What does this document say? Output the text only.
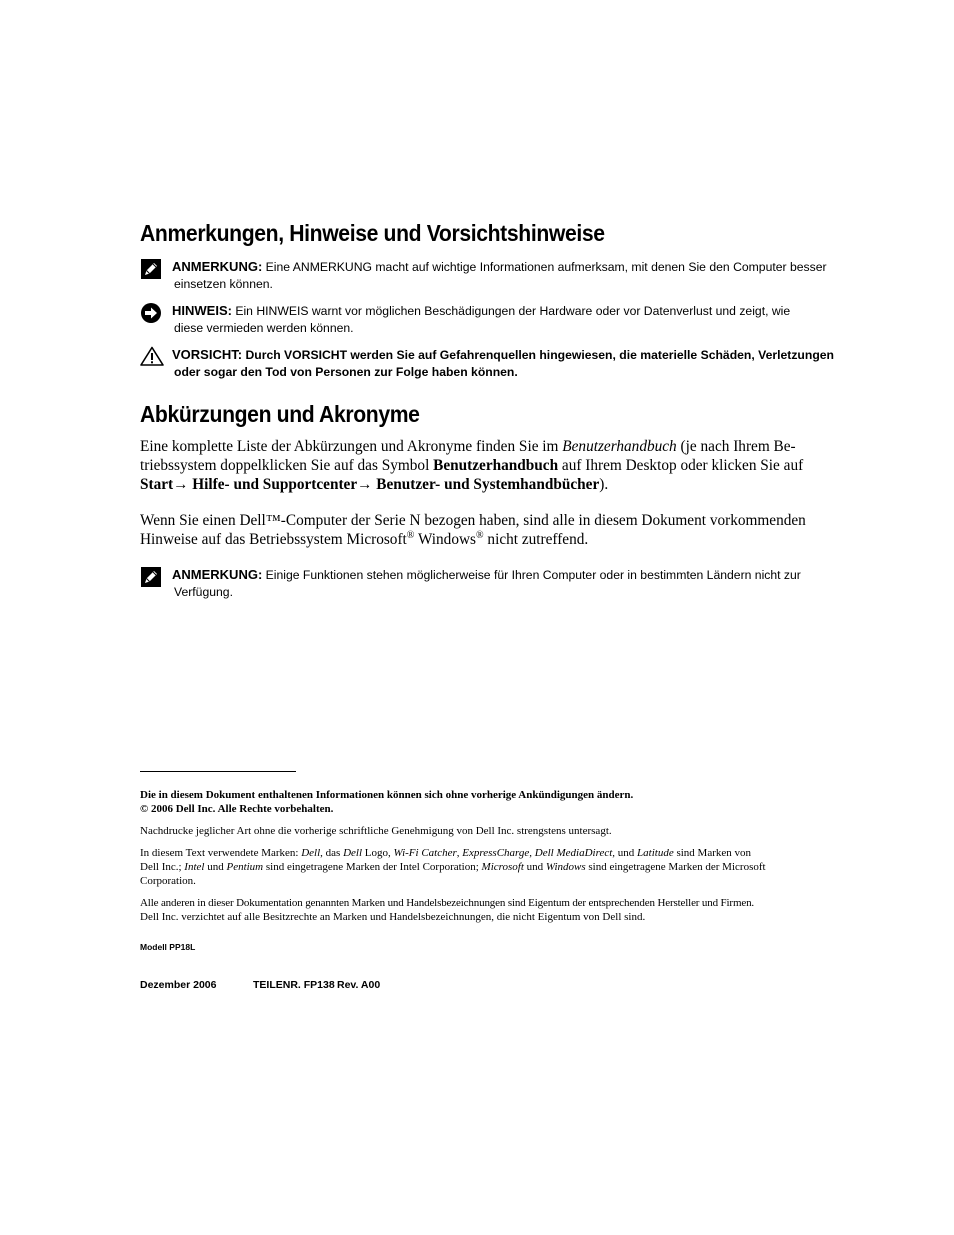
Anmerkungen, Hinweise und Vorsichtshinweise
ANMERKUNG: Eine ANMERKUNG macht auf wichtige Informationen aufmerksam, mit denen Sie den Computer besser
einsetzen können.
HINWEIS: Ein HINWEIS warnt vor möglichen Beschädigungen der Hardware oder vor Datenverlust und zeigt, wie
diese vermieden werden können.
VORSICHT: Durch VORSICHT werden Sie auf Gefahrenquellen hingewiesen, die materielle Schäden, Verletzungen
oder sogar den Tod von Personen zur Folge haben können.
Abkürzungen und Akronyme
Eine komplette Liste der Abkürzungen und Akronyme finden Sie im Benutzerhandbuch (je nach Ihrem Be-
triebssystem doppelklicken Sie auf das Symbol Benutzerhandbuch auf Ihrem Desktop oder klicken Sie auf
Start→ Hilfe- und Supportcenter→ Benutzer- und Systemhandbücher).
Wenn Sie einen Dell™-Computer der Serie N bezogen haben, sind alle in diesem Dokument vorkommenden
Hinweise auf das Betriebssystem Microsoft® Windows® nicht zutreffend.
ANMERKUNG: Einige Funktionen stehen möglicherweise für Ihren Computer oder in bestimmten Ländern nicht zur
Verfügung.
Die in diesem Dokument enthaltenen Informationen können sich ohne vorherige Ankündigungen ändern.
© 2006 Dell Inc. Alle Rechte vorbehalten.
Nachdrucke jeglicher Art ohne die vorherige schriftliche Genehmigung von Dell Inc. strengstens untersagt.
In diesem Text verwendete Marken: Dell, das Dell Logo, Wi-Fi Catcher, ExpressCharge, Dell MediaDirect, und Latitude sind Marken von
Dell Inc.; Intel und Pentium sind eingetragene Marken der Intel Corporation; Microsoft und Windows sind eingetragene Marken der Microsoft
Corporation.
Alle anderen in dieser Dokumentation genannten Marken und Handelsbezeichnungen sind Eigentum der entsprechenden Hersteller und Firmen.
Dell Inc. verzichtet auf alle Besitzrechte an Marken und Handelsbezeichnungen, die nicht Eigentum von Dell sind.
Modell PP18L
Dezember 2006	TEILENR. FP138 Rev. A00
